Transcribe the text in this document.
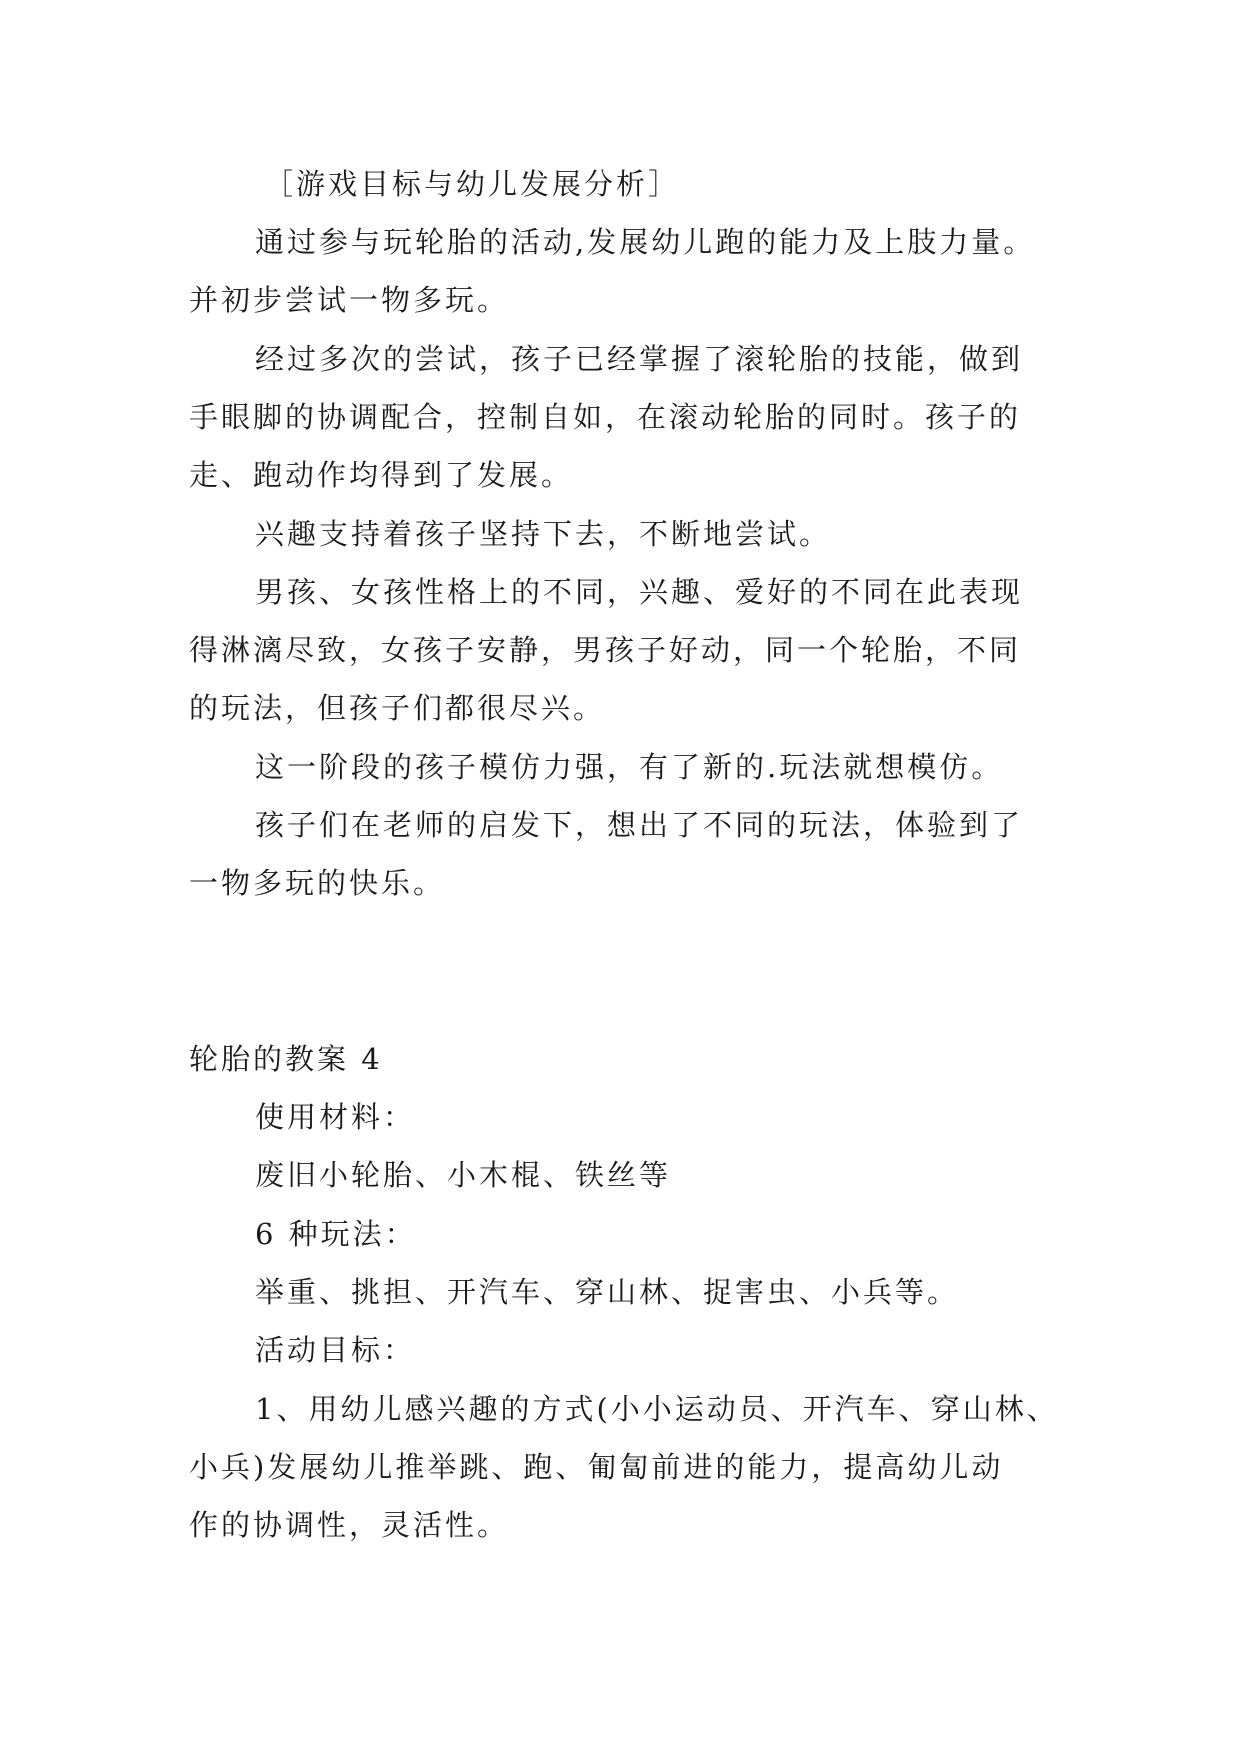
［游戏目标与幼儿发展分析］
通过参与玩轮胎的活动,发展幼儿跑的能力及上肢力量。
并初步尝试一物多玩。
经过多次的尝试，孩子已经掌握了滚轮胎的技能，做到
手眼脚的协调配合，控制自如，在滚动轮胎的同时。孩子的
走、跑动作均得到了发展。
兴趣支持着孩子坚持下去，不断地尝试。
男孩、女孩性格上的不同，兴趣、爱好的不同在此表现
得淋漓尽致，女孩子安静，男孩子好动，同一个轮胎，不同
的玩法，但孩子们都很尽兴。
这一阶段的孩子模仿力强，有了新的.玩法就想模仿。
孩子们在老师的启发下，想出了不同的玩法，体验到了
一物多玩的快乐。
轮胎的教案 4
使用材料：
废旧小轮胎、小木棍、铁丝等
6 种玩法：
举重、挑担、开汽车、穿山林、捉害虫、小兵等。
活动目标：
1、用幼儿感兴趣的方式(小小运动员、开汽车、穿山林、
小兵)发展幼儿推举跳、跑、匍匐前进的能力，提高幼儿动
作的协调性，灵活性。
